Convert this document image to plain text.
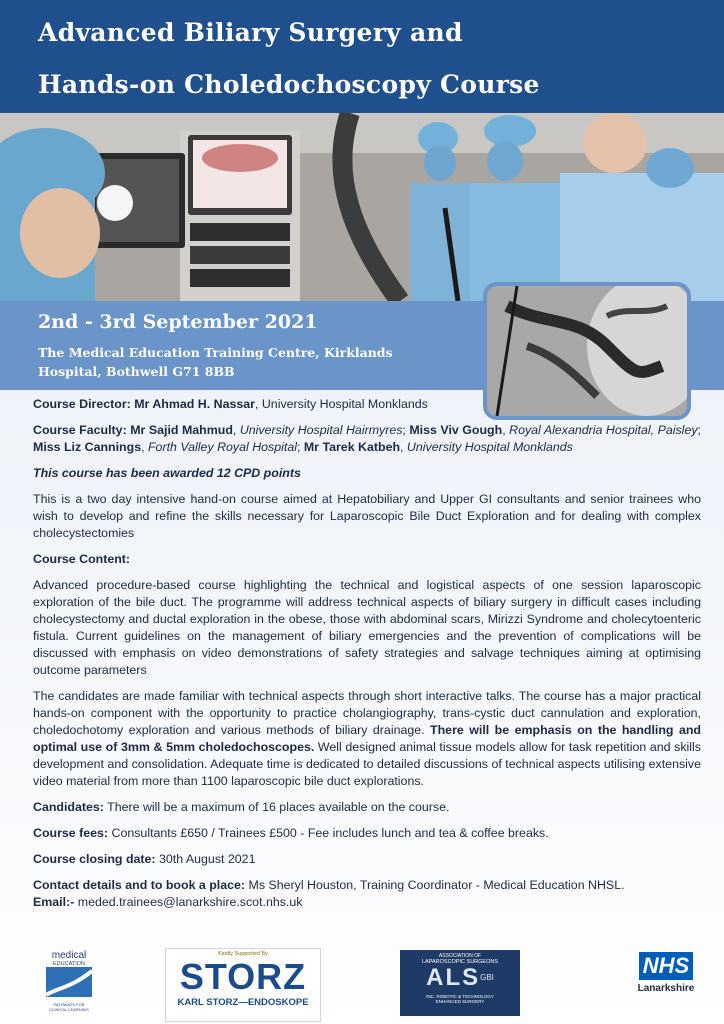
Advanced Biliary Surgery and
Hands-on Choledochoscopy Course
2nd - 3rd September 2021
The Medical Education Training Centre, Kirklands
Hospital, Bothwell G71 8BB

Course Director: Mr Ahmad H. Nassar, University Hospital Monklands

Course Faculty: Mr Sajid Mahmud, University Hospital Hairmyres; Miss Viv Gough, Royal Alexandria Hospital, Paisley; Miss Liz Cannings, Forth Valley Royal Hospital; Mr Tarek Katbeh, University Hospital Monklands

This course has been awarded 12 CPD points

This is a two day intensive hand-on course aimed at Hepatobiliary and Upper GI consultants and senior trainees who wish to develop and refine the skills necessary for Laparoscopic Bile Duct Exploration and for dealing with complex cholecystectomies

Course Content:

Advanced procedure-based course highlighting the technical and logistical aspects of one session laparoscopic exploration of the bile duct. The programme will address technical aspects of biliary surgery in difficult cases including cholecystectomy and ductal exploration in the obese, those with abdominal scars, Mirizzi Syndrome and cholecytoenteric fistula. Current guidelines on the management of biliary emergencies and the prevention of complications will be discussed with emphasis on video demonstrations of safety strategies and salvage techniques aiming at optimising outcome parameters

The candidates are made familiar with technical aspects through short interactive talks. The course has a major practical hands-on component with the opportunity to practice cholangiography, trans-cystic duct cannulation and exploration, choledochotomy exploration and various methods of biliary drainage. There will be emphasis on the handling and optimal use of 3mm & 5mm choledochoscopes. Well designed animal tissue models allow for task repetition and skills development and consolidation. Adequate time is dedicated to detailed discussions of technical aspects utilising extensive video material from more than 1100 laparoscopic bile duct explorations.

Candidates: There will be a maximum of 16 places available on the course.

Course fees: Consultants £650 / Trainees £500 - Fee includes lunch and tea & coffee breaks.

Course closing date: 30th August 2021

Contact details and to book a place: Ms Sheryl Houston, Training Coordinator - Medical Education NHSL.
Email:- meded.trainees@lanarkshire.scot.nhs.uk

medical
EDUCATION
PATHWAYS FOR
CLINICAL LEARNING
Kindly Supported By
STORZ
KARL STORZ—ENDOSKOPE
ASSOCIATION OF
LAPAROSCOPIC SURGEONS
$ALS^{GBI}$
INC. ROBOTIC & TECHNOLOGY
ENHANCED SURGERY
NHS
Lanarkshire
